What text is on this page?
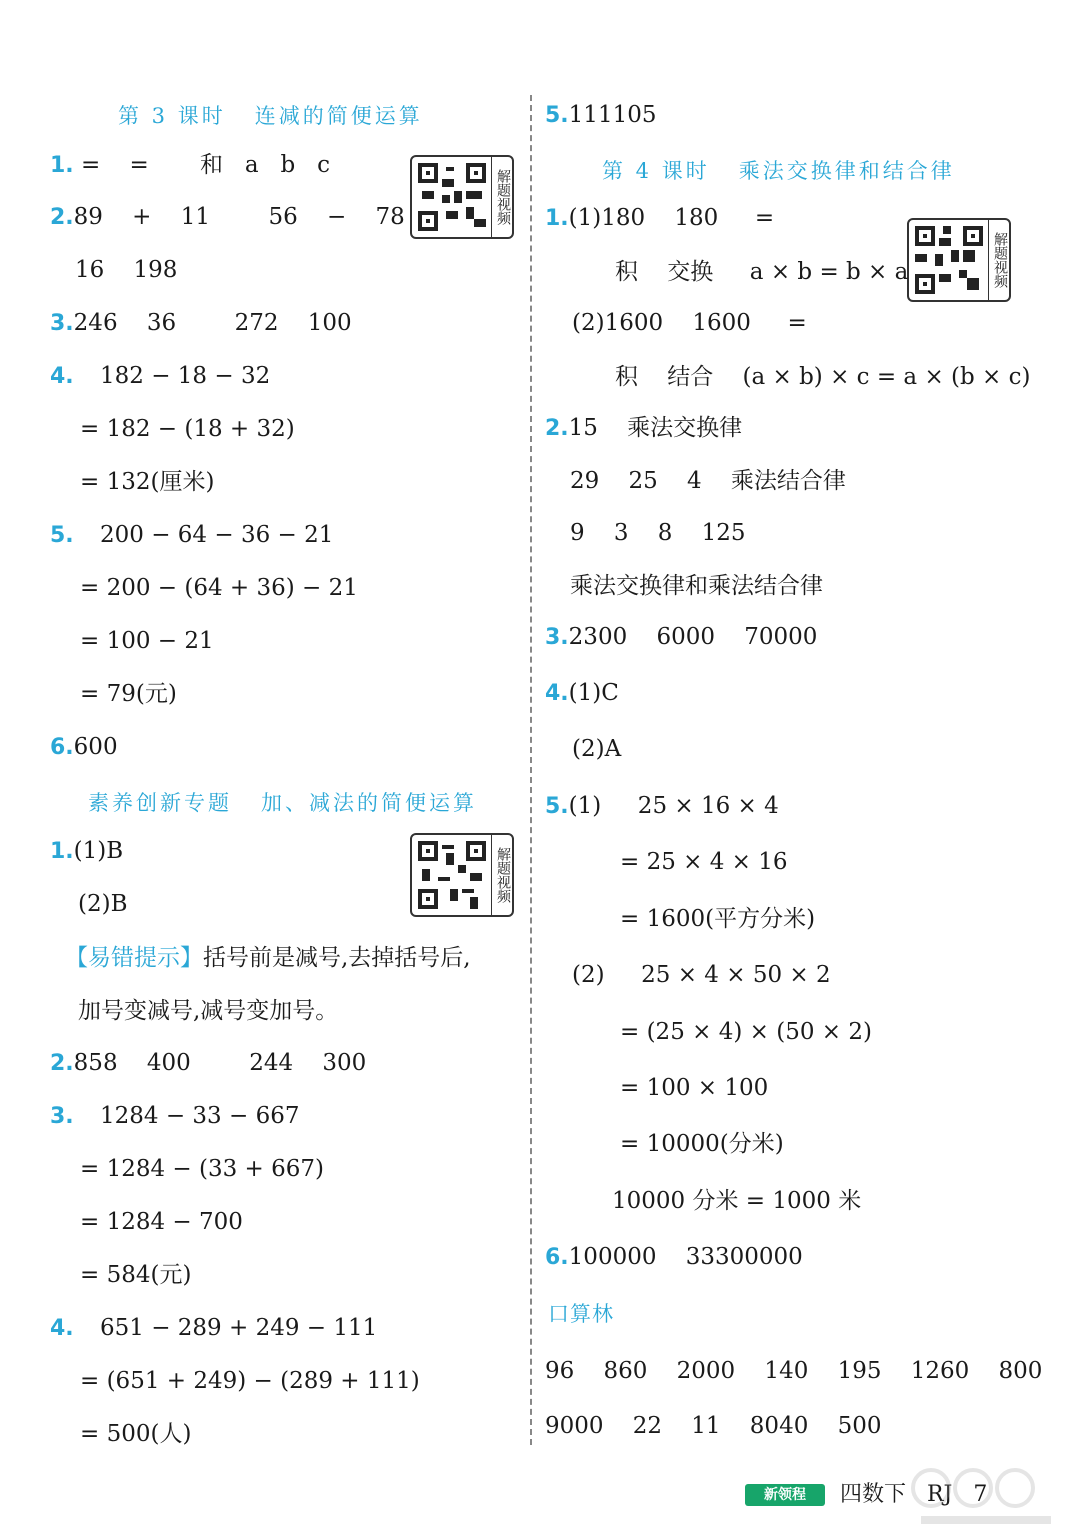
第 3 课时   连减的简便运算
解题视频
1. =    =       和   a   b   c
2.89    +    11        56    −    78
16    198
3.246    36        272    100
4. 182 − 18 − 32
= 182 − (18 + 32)
= 132(厘米)
5. 200 − 64 − 36 − 21
= 200 − (64 + 36) − 21
= 100 − 21
= 79(元)
6.600
素养创新专题   加、减法的简便运算
解题视频
1.(1)B
(2)B
【易错提示】括号前是减号,去掉括号后,
加号变减号,减号变加号。
2.858    400        244    300
3. 1284 − 33 − 667
= 1284 − (33 + 667)
= 1284 − 700
= 584(元)
4. 651 − 289 + 249 − 111
= (651 + 249) − (289 + 111)
= 500(人)
5.111105
第 4 课时   乘法交换律和结合律
解题视频
1.(1)180    180     =
积    交换     a × b = b × a
(2)1600    1600     =
积    结合    (a × b) × c = a × (b × c)
2.15    乘法交换律
29    25    4    乘法结合律
9    3    8    125
乘法交换律和乘法结合律
3.2300    6000    70000
4.(1)C
(2)A
5.(1)     25 × 16 × 4
= 25 × 4 × 16
= 1600(平方分米)
(2)     25 × 4 × 50 × 2
= (25 × 4) × (50 × 2)
= 100 × 100
= 10000(分米)
10000 分米 = 1000 米
6.100000    33300000
口算林
96    860    2000    140    195    1260    800
9000    22    11    8040    500
新领程	四数下   RJ   7
